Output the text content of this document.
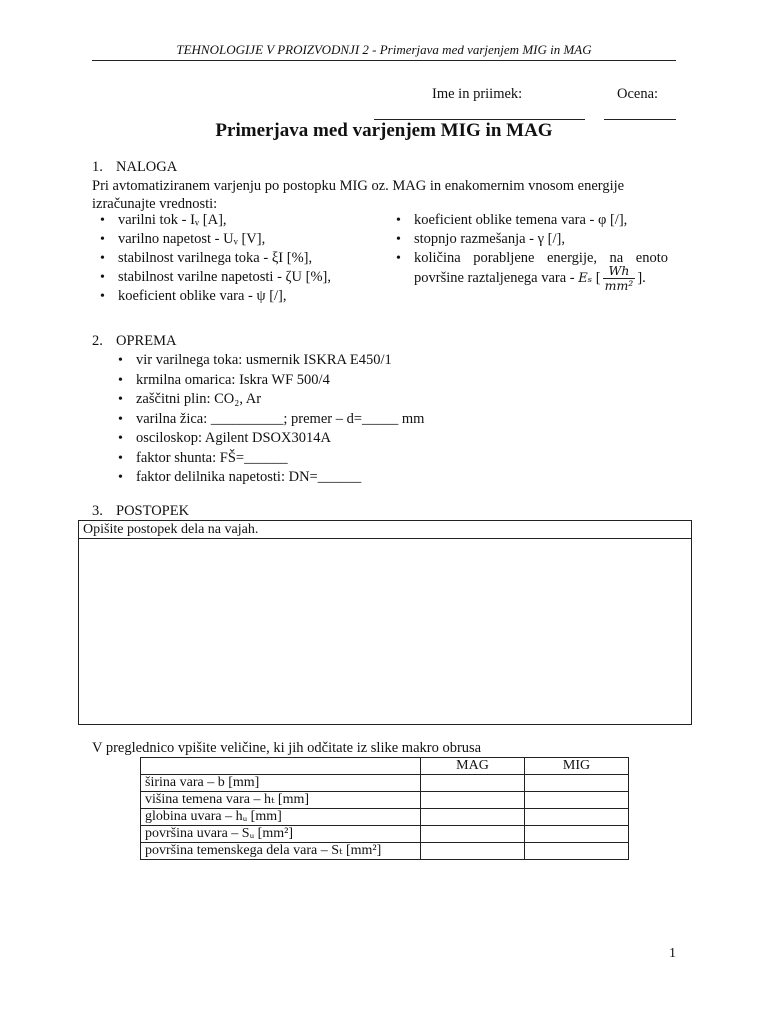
TEHNOLOGIJE V PROIZVODNJI 2 - Primerjava med varjenjem MIG in MAG
Ime in priimek:	Ocena:
Primerjava med varjenjem MIG in MAG
1. NALOGA
Pri avtomatiziranem varjenju po postopku MIG oz. MAG in enakomernim vnosom energije
izračunajte vrednosti:
• varilni tok - Iᵥ [A],
• varilno napetost - Uᵥ [V],
• stabilnost varilnega toka - ξI [%],
• stabilnost varilne napetosti - ζU [%],
• koeficient oblike vara - ψ [/],
• koeficient oblike temena vara - φ [/],
• stopnjo razmešanja - γ [/],
• količina porabljene energije, na enoto
površine raztaljenega vara - Eₛ [ $\frac{Wh}{\text{mm²}}$ ].
2. OPREMA
• vir varilnega toka: usmernik ISKRA E450/1
• krmilna omarica: Iskra WF 500/4
• zaščitni plin: CO₂, Ar
• varilna žica: __________; premer – d=_____ mm
• osciloskop: Agilent DSOX3014A
• faktor shunta: FŠ=______
• faktor delilnika napetosti: DN=______
3. POSTOPEK
Opišite postopek dela na vajah.
V preglednico vpišite veličine, ki jih odčitate iz slike makro obrusa
	MAG	MIG
širina vara – b [mm]		
višina temena vara – hₜ [mm]		
globina uvara – hᵤ [mm]		
površina uvara – Sᵤ [mm²]		
površina temenskega dela vara – Sₜ [mm²]		
1
